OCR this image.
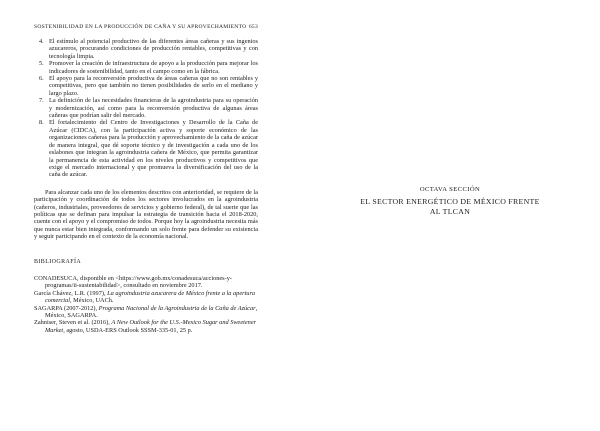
SOSTENIBILIDAD EN LA PRODUCCIÓN DE CAÑA Y SU APROVECHAMIENTO 653
4. El estímulo al potencial productivo de las diferentes áreas cañeras y sus ingenios azucareros, procurando condiciones de producción rentables, competitivas y con tecnología limpia.
5. Promover la creación de infraestructura de apoyo a la producción para mejorar los indicadores de sostenibilidad, tanto en el campo como en la fábrica.
6. El apoyo para la reconversión productiva de áreas cañeras que no son rentables y competitivas, pero que también no tienen posibilidades de serlo en el mediano y largo plazo.
7. La definición de las necesidades financieras de la agroindustria para su operación y modernización, así como para la reconversión productiva de algunas áreas cañeras que podrían salir del mercado.
8. El fortalecimiento del Centro de Investigaciones y Desarrollo de la Caña de Azúcar (CIDCA), con la participación activa y soporte económico de las organizaciones cañeras para la producción y aprovechamiento de la caña de azúcar de manera integral, que dé soporte técnico y de investigación a cada uno de los eslabones que integran la agroindustria cañera de México, que permita garantizar la permanencia de esta actividad en los niveles productivos y competitivos que exige el mercado internacional y que promueva la diversificación del uso de la caña de azúcar.

Para alcanzar cada uno de los elementos descritos con anterioridad, se requiere de la participación y coordinación de todos los sectores involucrados en la agroindustria (cañeros, industriales, proveedores de servicios y gobierno federal), de tal suerte que las políticas que se definan para impulsar la estrategia de transición hacia el 2018-2020, cuente con el apoyo y el compromiso de todos. Porque hoy la agroindustria necesita más que nunca estar bien integrada, conformando un solo frente para defender su existencia y seguir participando en el contexto de la economía nacional.

BIBLIOGRAFÍA
CONADESUCA, disponible en <https://www.gob.mx/conadesuca/acciones-y-programas/ii-sustentabilidad>, consultado en noviembre 2017.
García Chávez, L.R. (1997), La agroindustria azucarera de México frente a la apertura comercial, México, UACh.
SAGARPA (2007-2012), Programa Nacional de la Agroindustria de la Caña de Azúcar, México, SAGARPA.
Zahniser, Steven et al. (2016), A New Outlook for the U.S.-Mexico Sugar and Sweetener Market, agosto, USDA-ERS Outlook SSSM-335-01, 25 p.
OCTAVA SECCIÓN
EL SECTOR ENERGÉTICO DE MÉXICO FRENTE AL TLCAN
